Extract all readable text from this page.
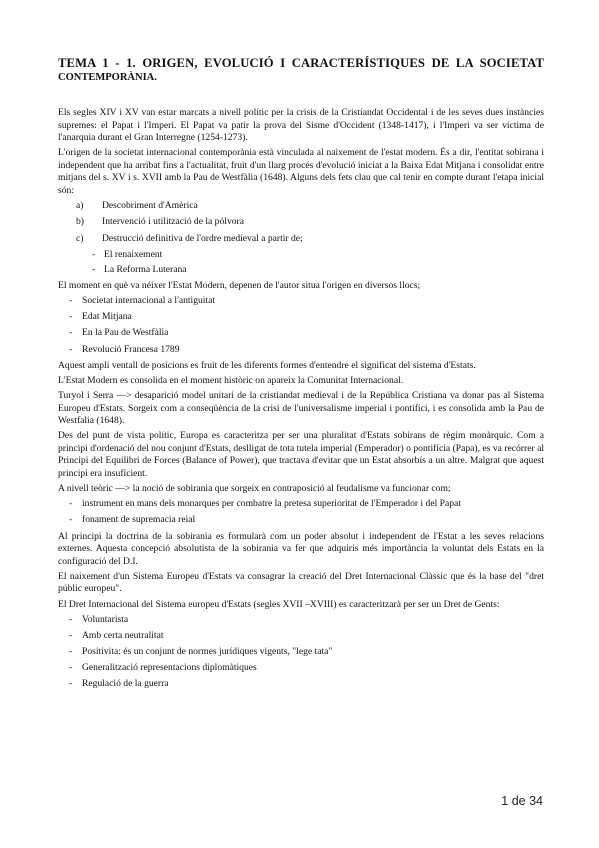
TEMA 1 - 1. ORIGEN, EVOLUCIÓ I CARACTERÍSTIQUES DE LA SOCIETAT
CONTEMPORÀNIA.

Els segles XIV i XV van estar marcats a nivell polític per la crisis de la Cristiandat Occidental i de les seves dues instàncies supremes: el Papat i l'Imperi. El Papat va patir la prova del Sisme d'Occident (1348-1417), i l'Imperi va ser víctima de l'anarquia durant el Gran Interregne (1254-1273).

L'origen de la societat internacional contemporània està vinculada al naixement de l'estat modern. És a dir, l'entitat sobirana i independent que ha arribat fins a l'actualitat, fruit d'un llarg procés d'evolució iniciat a la Baixa Edat Mitjana i consolidat entre mitjans del s. XV i s. XVII amb la Pau de Westfàlia (1648). Alguns dels fets clau que cal tenir en compte durant l'etapa inicial són:

a) Descobriment d'Amèrica
b) Intervenció i utilització de la pólvora
c) Destrucció definitiva de l'ordre medieval a partir de;
- El renaixement
- La Reforma Luterana

El moment en què va néixer l'Estat Modern, depenen de l'autor situa l'origen en diversos llocs;

- Societat internacional a l'antiguitat
- Edat Mitjana
- En la Pau de Westfàlia
- Revolució Francesa 1789

Aquest ampli ventall de posicions es fruit de les diferents formes d'entendre el significat del sistema d'Estats.

L'Estat Modern es consolida en el moment històric on apareix la Comunitat Internacional.

Turyol i Serra —> desaparició model unitari de la cristiandat medieval i de la República Cristiana va donar pas al Sistema Europeu d'Estats. Sorgeix com a conseqüència de la crisi de l'universalisme imperial i pontifici, i es consolida amb la Pau de Westfalia (1648).

Des del punt de vista polític, Europa es caracteritza per ser una pluralitat d'Estats sobirans de règim monàrquic. Com a principi d'ordenació del nou conjunt d'Estats, deslligat de tota tutela imperial (Emperador) o pontifícia (Papa), es va recórrer al Principi del Equilibri de Forces (Balance of Power), que tractava d'evitar que un Estat absorbís a un altre. Malgrat que aquest principi era insuficient.

A nivell teòric —> la noció de sobirania que sorgeix en contraposició al feudalisme va funcionar com;

- instrument en mans dels monarques per combatre la pretesa superioritat de l'Emperador i del Papat
- fonament de supremacia reial

Al principi la doctrina de la sobirania es formularà com un poder absolut i independent de l'Estat a les seves relacions externes. Aquesta concepció absolutista de la sobirania va fer que adquirís més importància la voluntat dels Estats en la configuració del D.I.

El naixement d'un Sistema Europeu d'Estats va consagrar la creació del Dret Internacional Clàssic que és la base del "dret públic europeu".

El Dret Internacional del Sistema europeu d'Estats (segles XVII –XVIII) es caracteritzarà per ser un Dret de Gents:

- Voluntarista
- Amb certa neutralitat
- Positivita: és un conjunt de normes jurídiques vigents, "lege tata"
- Generalització representacions diplomàtiques
- Regulació de la guerra
1 de 34
